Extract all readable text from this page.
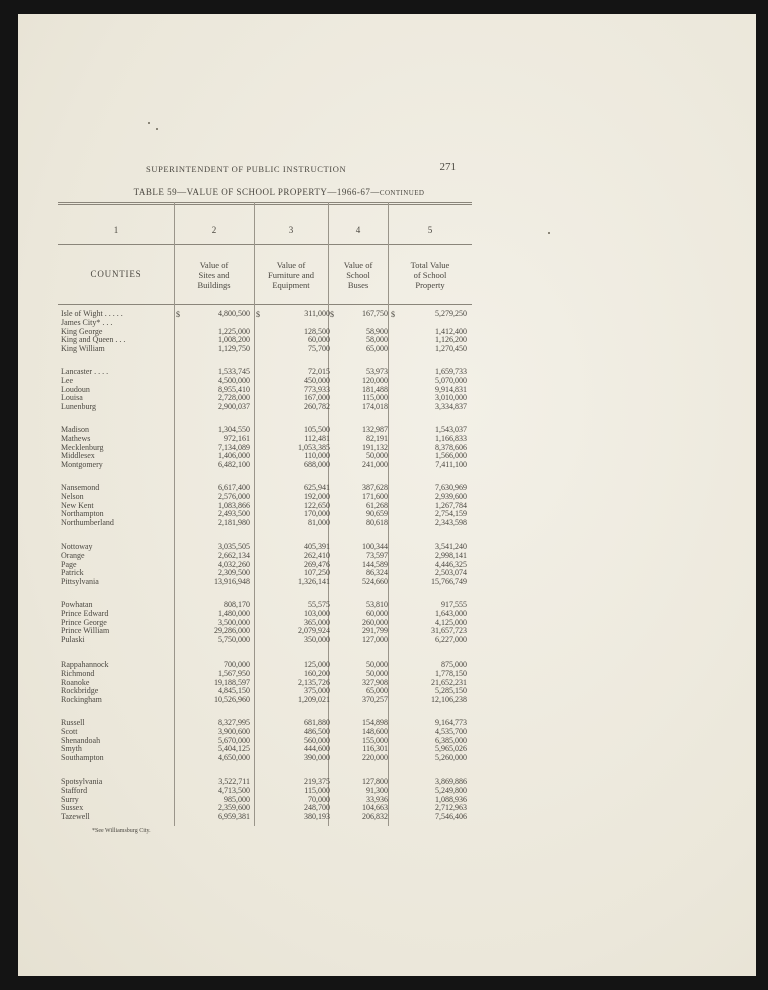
SUPERINTENDENT OF PUBLIC INSTRUCTION	271
TABLE 59—VALUE OF SCHOOL PROPERTY—1966-67—CONTINUED
1	2	3	4	5
COUNTIES
Value of
Sites and
Buildings
Value of
Furniture and
Equipment
Value of
School
Buses
Total Value
of School
Property
$	$	$	$
Isle of Wight . . . . .	4,800,500	311,000	167,750	5,279,250
James City* . . .
King George	1,225,000	128,500	58,900	1,412,400
King and Queen . . .	1,008,200	60,000	58,000	1,126,200
King William	1,129,750	75,700	65,000	1,270,450
Lancaster . . . .	1,533,745	72,015	53,973	1,659,733
Lee	4,500,000	450,000	120,000	5,070,000
Loudoun	8,955,410	773,933	181,488	9,914,831
Louisa	2,728,000	167,000	115,000	3,010,000
Lunenburg	2,900,037	260,782	174,018	3,334,837
Madison	1,304,550	105,500	132,987	1,543,037
Mathews	972,161	112,481	82,191	1,166,833
Mecklenburg	7,134,089	1,053,385	191,132	8,378,606
Middlesex	1,406,000	110,000	50,000	1,566,000
Montgomery	6,482,100	688,000	241,000	7,411,100
Nansemond	6,617,400	625,941	387,628	7,630,969
Nelson	2,576,000	192,000	171,600	2,939,600
New Kent	1,083,866	122,650	61,268	1,267,784
Northampton	2,493,500	170,000	90,659	2,754,159
Northumberland	2,181,980	81,000	80,618	2,343,598
Nottoway	3,035,505	405,391	100,344	3,541,240
Orange	2,662,134	262,410	73,597	2,998,141
Page	4,032,260	269,476	144,589	4,446,325
Patrick	2,309,500	107,250	86,324	2,503,074
Pittsylvania	13,916,948	1,326,141	524,660	15,766,749
Powhatan	808,170	55,575	53,810	917,555
Prince Edward	1,480,000	103,000	60,000	1,643,000
Prince George	3,500,000	365,000	260,000	4,125,000
Prince William	29,286,000	2,079,924	291,799	31,657,723
Pulaski	5,750,000	350,000	127,000	6,227,000
Rappahannock	700,000	125,000	50,000	875,000
Richmond	1,567,950	160,200	50,000	1,778,150
Roanoke	19,188,597	2,135,726	327,908	21,652,231
Rockbridge	4,845,150	375,000	65,000	5,285,150
Rockingham	10,526,960	1,209,021	370,257	12,106,238
Russell	8,327,995	681,880	154,898	9,164,773
Scott	3,900,600	486,500	148,600	4,535,700
Shenandoah	5,670,000	560,000	155,000	6,385,000
Smyth	5,404,125	444,600	116,301	5,965,026
Southampton	4,650,000	390,000	220,000	5,260,000
Spotsylvania	3,522,711	219,375	127,800	3,869,886
Stafford	4,713,500	115,000	91,300	5,249,800
Surry	985,000	70,000	33,936	1,088,936
Sussex	2,359,600	248,700	104,663	2,712,963
Tazewell	6,959,381	380,193	206,832	7,546,406
*See Williamsburg City.
